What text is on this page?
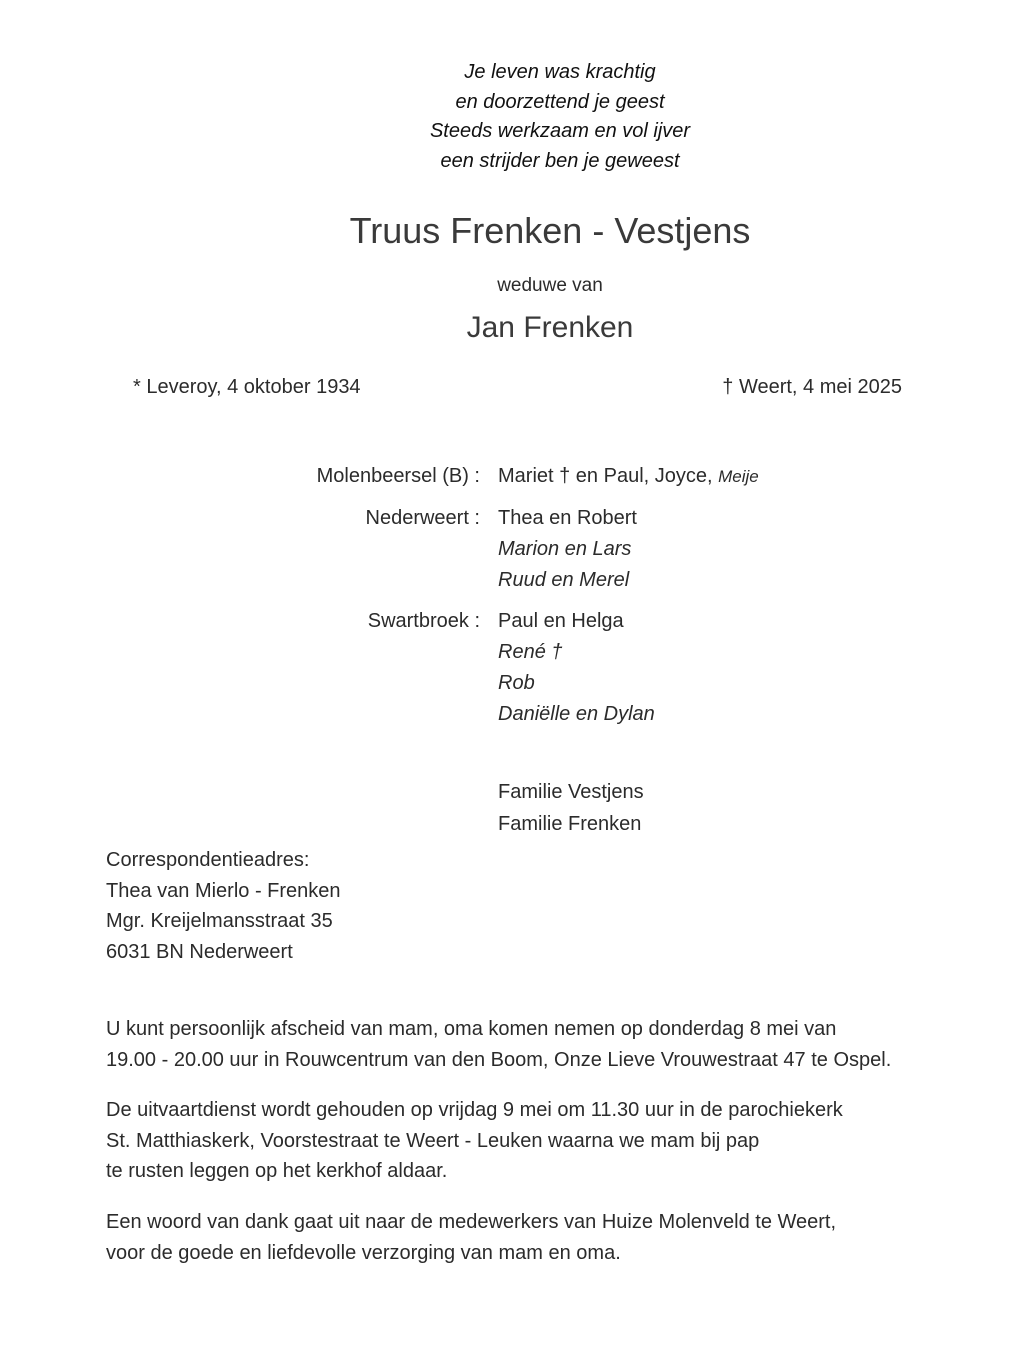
Je leven was krachtig
en doorzettend je geest
Steeds werkzaam en vol ijver
een strijder ben je geweest
Truus Frenken - Vestjens
weduwe van
Jan Frenken
* Leveroy, 4 oktober 1934	† Weert, 4 mei 2025
Molenbeersel (B) : Mariet † en Paul, Joyce, Meije
Nederweert : Thea en Robert
Marion en Lars
Ruud en Merel
Swartbroek : Paul en Helga
René †
Rob
Daniëlle en Dylan
Familie Vestjens
Familie Frenken
Correspondentieadres:
Thea van Mierlo - Frenken
Mgr. Kreijelmansstraat 35
6031 BN Nederweert
U kunt persoonlijk afscheid van mam, oma komen nemen op donderdag 8 mei van
19.00 - 20.00 uur in Rouwcentrum van den Boom, Onze Lieve Vrouwestraat 47 te Ospel.
De uitvaartdienst wordt gehouden op vrijdag 9 mei om 11.30 uur in de parochiekerk
St. Matthiaskerk, Voorstestraat te Weert - Leuken waarna we mam bij pap
te rusten leggen op het kerkhof aldaar.
Een woord van dank gaat uit naar de medewerkers van Huize Molenveld te Weert,
voor de goede en liefdevolle verzorging van mam en oma.
